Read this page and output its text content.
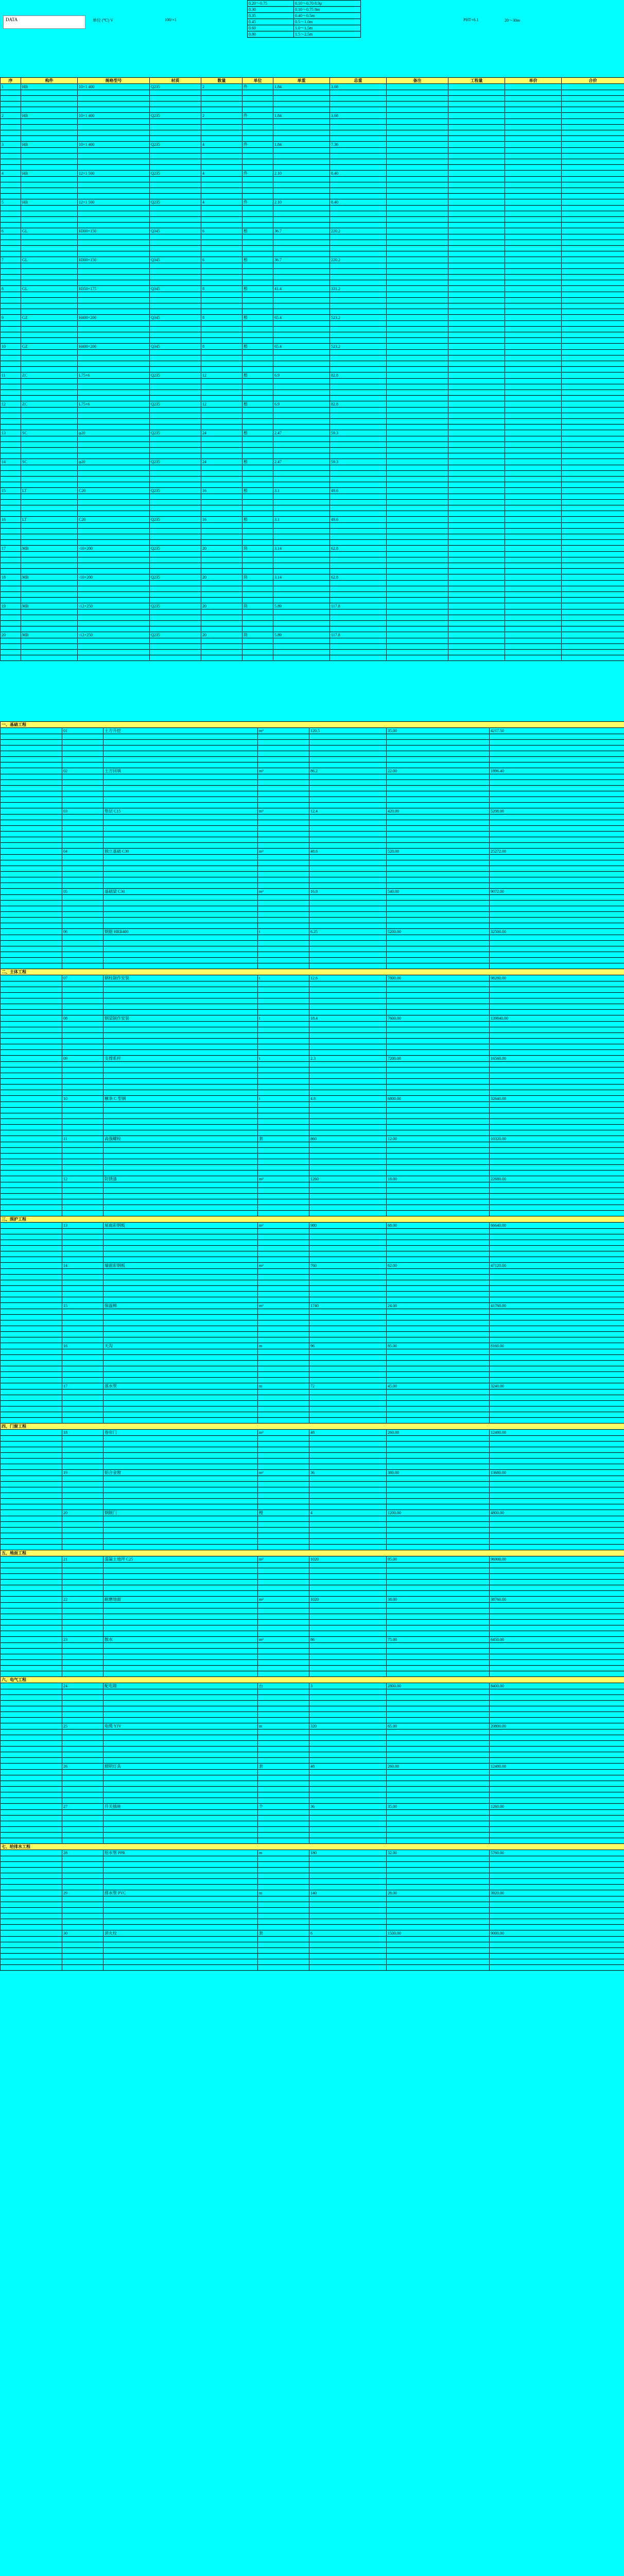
DATA	单位 (℃) V	100/+1	PHT+6.1	20～30m
0.20～0.75	0.10～0.70 8.9μ
0.30	0.10～0.75 8m
0.35	0.40～0.5m
0.45	0.5～1.0m
0.60	1.0～1.5m
0.80	1.5～2.5m
序	构件	规格型号	材质	数量	单位	单重	总重	备注	工程量	单价	合价
1	HB	10×1 400	Q235	2	件	1.84	3.68				

2	HB	10×1 400	Q235	2	件	1.84	3.68				

3	HB	10×1 400	Q235	4	件	1.84	7.36				

4	HB	12×1 500	Q235	4	件	2.10	8.40				

5	HB	12×1 500	Q235	4	件	2.10	8.40				

6	GL	H300×150	Q345	6	根	36.7	220.2				

7	GL	H300×150	Q345	6	根	36.7	220.2				

8	GL	H350×175	Q345	8	根	41.4	331.2				

9	GZ	H400×200	Q345	8	根	65.4	523.2				

10	GZ	H400×200	Q345	8	根	65.4	523.2				

11	ZC	L75×6	Q235	12	根	6.9	82.8				

12	ZC	L75×6	Q235	12	根	6.9	82.8				

13	SC	φ20	Q235	24	根	2.47	59.3				

14	SC	φ20	Q235	24	根	2.47	59.3				

15	LT	C20	Q235	16	根	3.1	49.6				

16	LT	C20	Q235	16	根	3.1	49.6				

17	MB	-10×200	Q235	20	块	3.14	62.8				

18	MB	-10×200	Q235	20	块	3.14	62.8				

19	MB	-12×250	Q235	20	块	5.89	117.8				

20	MB	-12×250	Q235	20	块	5.89	117.8				

一、基础工程						
	01	土方开挖	m³	120.5	35.00	4217.50

	02	土方回填	m³	86.2	22.00	1896.40

	03	垫层 C15	m³	12.4	420.00	5208.00

	04	独立基础 C30	m³	48.6	520.00	25272.00

	05	基础梁 C30	m³	16.8	540.00	9072.00

	06	钢筋 HRB400	t	6.25	5200.00	32500.00

二、主体工程						
	07	钢柱制作安装	t	12.6	7800.00	98280.00

	08	钢梁制作安装	t	18.4	7600.00	139840.00

	09	支撑系杆	t	2.3	7200.00	16560.00

	10	檩条 C 型钢	t	4.8	6800.00	32640.00

	11	高强螺栓	套	860	12.00	10320.00

	12	防锈漆	m²	1260	18.00	22680.00

三、围护工程						
	13	屋面彩钢板	m²	980	68.00	66640.00

	14	墙面彩钢板	m²	760	62.00	47120.00

	15	保温棉	m²	1740	24.00	41760.00

	16	天沟	m	96	85.00	8160.00

	17	落水管	m	72	45.00	3240.00

四、门窗工程						
	18	卷帘门	m²	48	260.00	12480.00

	19	铝合金窗	m²	36	380.00	13680.00

	20	钢制门	樘	4	1200.00	4800.00

五、地面工程						
	21	混凝土地坪 C25	m²	1020	95.00	96900.00

	22	耐磨地面	m²	1020	38.00	38760.00

	23	散水	m²	86	75.00	6450.00

六、电气工程						
	24	配电箱	台	3	2800.00	8400.00

	25	电缆 YJV	m	320	65.00	20800.00

	26	照明灯具	套	48	260.00	12480.00

	27	开关插座	个	36	35.00	1260.00

七、给排水工程						
	28	给水管 PPR	m	180	32.00	5760.00

	29	排水管 PVC	m	140	28.00	3920.00

	30	消火栓	套	6	1500.00	9000.00
